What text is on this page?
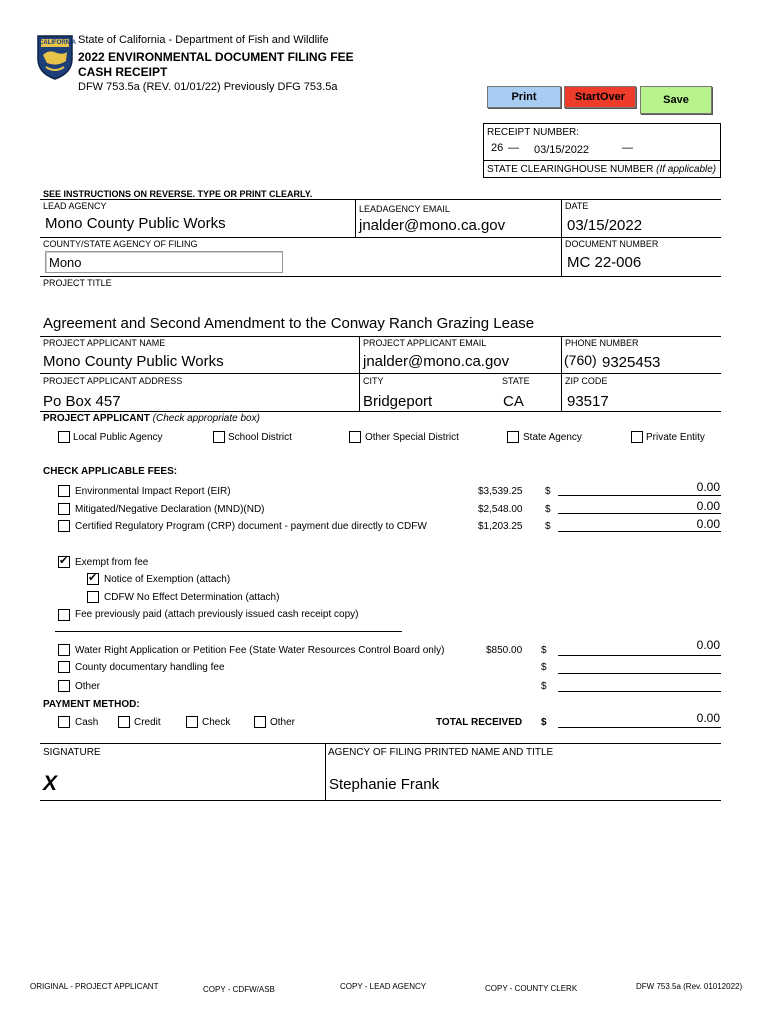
CALIFORNIA State of California - Department of Fish and Wildlife
2022 ENVIRONMENTAL DOCUMENT FILING FEE
CASH RECEIPT
DFW 753.5a (REV. 01/01/22) Previously DFG 753.5a
Print	StartOver	Save
RECEIPT NUMBER:
26 — 03/15/2022	—
STATE CLEARINGHOUSE NUMBER (If applicable)
SEE INSTRUCTIONS ON REVERSE. TYPE OR PRINT CLEARLY.
LEAD AGENCY
Mono County Public Works
LEADAGENCY EMAIL
jnalder@mono.ca.gov
DATE
03/15/2022
COUNTY/STATE AGENCY OF FILING
Mono
DOCUMENT NUMBER
MC 22-006
PROJECT TITLE
Agreement and Second Amendment to the Conway Ranch Grazing Lease
PROJECT APPLICANT NAME
Mono County Public Works
PROJECT APPLICANT EMAIL
jnalder@mono.ca.gov
PHONE NUMBER
(760) 9325453
PROJECT APPLICANT ADDRESS
Po Box 457
CITY
Bridgeport
STATE
CA
ZIP CODE
93517
PROJECT APPLICANT (Check appropriate box)
Local Public Agency	School District	Other Special District	State Agency	Private Entity
CHECK APPLICABLE FEES:
Environmental Impact Report (EIR)	$3,539.25 $	0.00
Mitigated/Negative Declaration (MND)(ND)	$2,548.00 $	0.00
Certified Regulatory Program (CRP) document - payment due directly to CDFW	$1,203.25 $	0.00
✔
Exempt from fee
✔
Notice of Exemption (attach)
CDFW No Effect Determination (attach)
Fee previously paid (attach previously issued cash receipt copy)
Water Right Application or Petition Fee (State Water Resources Control Board only)	$850.00 $	0.00
County documentary handling fee	$
Other	$
PAYMENT METHOD:
Cash	Credit	Check	Other	TOTAL RECEIVED $	0.00
SIGNATURE
X
AGENCY OF FILING PRINTED NAME AND TITLE
Stephanie Frank
ORIGINAL - PROJECT APPLICANT	COPY - CDFW/ASB	COPY - LEAD AGENCY	COPY - COUNTY CLERK	DFW 753.5a (Rev. 01012022)
